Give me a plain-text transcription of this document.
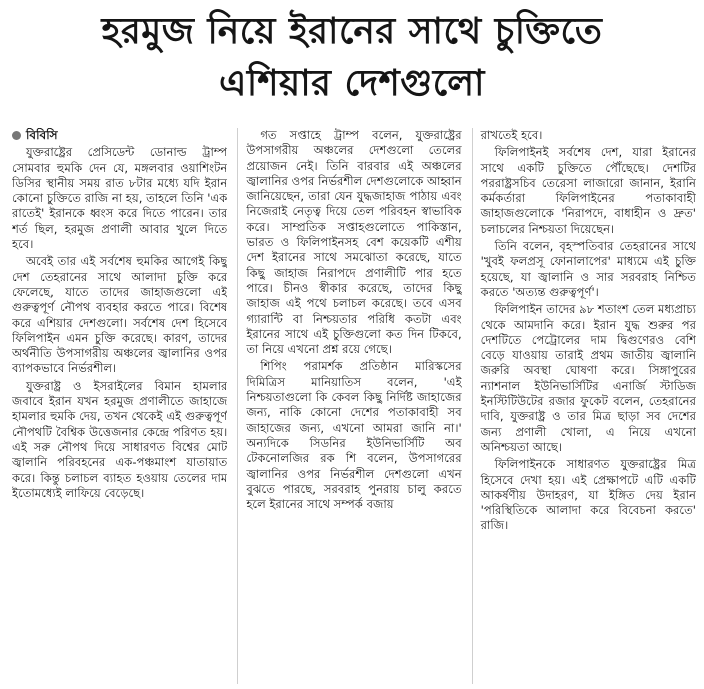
হরমুজ নিয়ে ইরানের সাথে চুক্তিতে
এশিয়ার দেশগুলো
বিবিসি

যুক্তরাষ্ট্রের প্রেসিডেন্ট ডোনাল্ড ট্রাম্প সোমবার হুমকি দেন যে, মঙ্গলবার ওয়াশিংটন ডিসির স্থানীয় সময় রাত ৮টার মধ্যে যদি ইরান কোনো চুক্তিতে রাজি না হয়, তাহলে তিনি 'এক রাতেই' ইরানকে ধ্বংস করে দিতে পারেন। তার শর্ত ছিল, হরমুজ প্রণালী আবার খুলে দিতে হবে।

অবেই তার এই সর্বশেষ হুমকির আগেই কিছু দেশ তেহরানের সাথে আলাদা চুক্তি করে ফেলেছে, যাতে তাদের জাহাজগুলো এই গুরুত্বপূর্ণ নৌপথ ব্যবহার করতে পারে। বিশেষ করে এশিয়ার দেশগুলো। সর্বশেষ দেশ হিসেবে ফিলিপাইন এমন চুক্তি করেছে। কারণ, তাদের অর্থনীতি উপসাগরীয় অঞ্চলের জ্বালানির ওপর ব্যাপকভাবে নির্ভরশীল।

যুক্তরাষ্ট্র ও ইসরাইলের বিমান হামলার জবাবে ইরান যখন হরমুজ প্রণালীতে জাহাজে হামলার হুমকি দেয়, তখন থেকেই এই গুরুত্বপূর্ণ নৌপথটি বৈশ্বিক উত্তেজনার কেন্দ্রে পরিণত হয়। এই সরু নৌপথ দিয়ে সাধারণত বিশ্বের মোট জ্বালানি পরিবহনের এক-পঞ্চমাংশ যাতায়াত করে। কিন্তু চলাচল ব্যাহত হওয়ায় তেলের দাম ইতোমধ্যেই লাফিয়ে বেড়েছে।

গত সপ্তাহে ট্রাম্প বলেন, যুক্তরাষ্ট্রের উপসাগরীয় অঞ্চলের দেশগুলো তেলের প্রয়োজন নেই। তিনি বারবার এই অঞ্চলের জ্বালানির ওপর নির্ভরশীল দেশগুলোকে আহ্বান জানিয়েছেন, তারা যেন যুদ্ধজাহাজ পাঠায় এবং নিজেরাই নেতৃত্ব দিয়ে তেল পরিবহন স্বাভাবিক করে। সাম্প্রতিক সপ্তাহগুলোতে পাকিস্তান, ভারত ও ফিলিপাইনসহ বেশ কয়েকটি এশীয় দেশ ইরানের সাথে সমঝোতা করেছে, যাতে কিছু জাহাজ নিরাপদে প্রণালীটি পার হতে পারে। চীনও স্বীকার করেছে, তাদের কিছু জাহাজ এই পথে চলাচল করেছে। তবে এসব গ্যারান্টি বা নিশ্চয়তার পরিধি কতটা এবং ইরানের সাথে এই চুক্তিগুলো কত দিন টিকবে, তা নিয়ে এখনো প্রশ্ন রয়ে গেছে।

শিপিং পরামর্শক প্রতিষ্ঠান মারিস্কসের দিমিত্রিস মানিয়াতিস বলেন, 'এই নিশ্চয়তাগুলো কি কেবল কিছু নির্দিষ্ট জাহাজের জন্য, নাকি কোনো দেশের পতাকাবাহী সব জাহাজের জন্য, এখনো আমরা জানি না।' অন্যদিকে সিডনির ইউনিভার্সিটি অব টেকনোলজির রক শি বলেন, উপসাগরের জ্বালানির ওপর নির্ভরশীল দেশগুলো এখন বুঝতে পারছে, সরবরাহ পুনরায় চালু করতে হলে ইরানের সাথে সম্পর্ক বজায়

রাখতেই হবে।

ফিলিপাইনই সর্বশেষ দেশ, যারা ইরানের সাথে একটি চুক্তিতে পৌঁছেছে। দেশটির পররাষ্ট্রসচিব তেরেসা লাজারো জানান, ইরানি কর্মকর্তারা ফিলিপাইনের পতাকাবাহী জাহাজগুলোকে 'নিরাপদে, বাধাহীন ও দ্রুত' চলাচলের নিশ্চয়তা দিয়েছেন।

তিনি বলেন, বৃহস্পতিবার তেহরানের সাথে 'খুবই ফলপ্রসূ ফোনালাপের' মাধ্যমে এই চুক্তি হয়েছে, যা জ্বালানি ও সার সরবরাহ নিশ্চিত করতে 'অত্যন্ত গুরুত্বপূর্ণ'।

ফিলিপাইন তাদের ৯৮ শতাংশ তেল মধ্যপ্রাচ্য থেকে আমদানি করে। ইরান যুদ্ধ শুরুর পর দেশটিতে পেট্রোলের দাম দ্বিগুণেরও বেশি বেড়ে যাওয়ায় তারাই প্রথম জাতীয় জ্বালানি জরুরি অবস্থা ঘোষণা করে। সিঙ্গাপুরের ন্যাশনাল ইউনিভার্সিটির এনার্জি স্টাডিজ ইনস্টিটিউটের রজার ফুকেট বলেন, তেহরানের দাবি, যুক্তরাষ্ট্র ও তার মিত্র ছাড়া সব দেশের জন্য প্রণালী খোলা, এ নিয়ে এখনো অনিশ্চয়তা আছে।

ফিলিপাইনকে সাধারণত যুক্তরাষ্ট্রের মিত্র হিসেবে দেখা হয়। এই প্রেক্ষাপটে এটি একটি আকর্ষণীয় উদাহরণ, যা ইঙ্গিত দেয় ইরান 'পরিস্থিতিকে আলাদা করে বিবেচনা করতে' রাজি।
